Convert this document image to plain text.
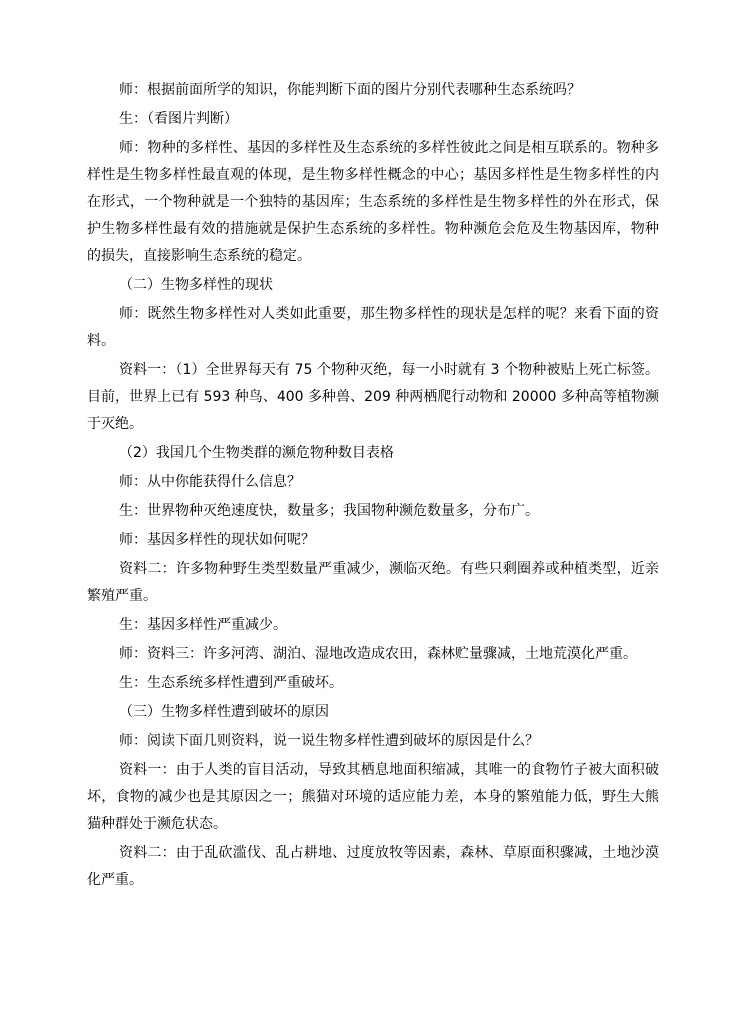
师：根据前面所学的知识，你能判断下面的图片分别代表哪种生态系统吗？

生：（看图片判断）

师：物种的多样性、基因的多样性及生态系统的多样性彼此之间是相互联系的。物种多样性是生物多样性最直观的体现，是生物多样性概念的中心；基因多样性是生物多样性的内在形式，一个物种就是一个独特的基因库；生态系统的多样性是生物多样性的外在形式，保护生物多样性最有效的措施就是保护生态系统的多样性。物种濒危会危及生物基因库，物种的损失，直接影响生态系统的稳定。

（二）生物多样性的现状

师：既然生物多样性对人类如此重要，那生物多样性的现状是怎样的呢？来看下面的资料。

资料一：（1）全世界每天有 75 个物种灭绝，每一小时就有 3 个物种被贴上死亡标签。目前，世界上已有 593 种鸟、400 多种兽、209 种两栖爬行动物和 20000 多种高等植物濒于灭绝。

（2）我国几个生物类群的濒危物种数目表格

师：从中你能获得什么信息？

生：世界物种灭绝速度快，数量多；我国物种濒危数量多，分布广。

师：基因多样性的现状如何呢？

资料二：许多物种野生类型数量严重减少，濒临灭绝。有些只剩圈养或种植类型，近亲繁殖严重。

生：基因多样性严重减少。

师：资料三：许多河湾、湖泊、湿地改造成农田，森林贮量骤减，土地荒漠化严重。

生：生态系统多样性遭到严重破坏。

（三）生物多样性遭到破坏的原因

师：阅读下面几则资料，说一说生物多样性遭到破坏的原因是什么？

资料一：由于人类的盲目活动，导致其栖息地面积缩减，其唯一的食物竹子被大面积破坏，食物的减少也是其原因之一；熊猫对环境的适应能力差，本身的繁殖能力低，野生大熊猫种群处于濒危状态。

资料二：由于乱砍滥伐、乱占耕地、过度放牧等因素，森林、草原面积骤减，土地沙漠化严重。
